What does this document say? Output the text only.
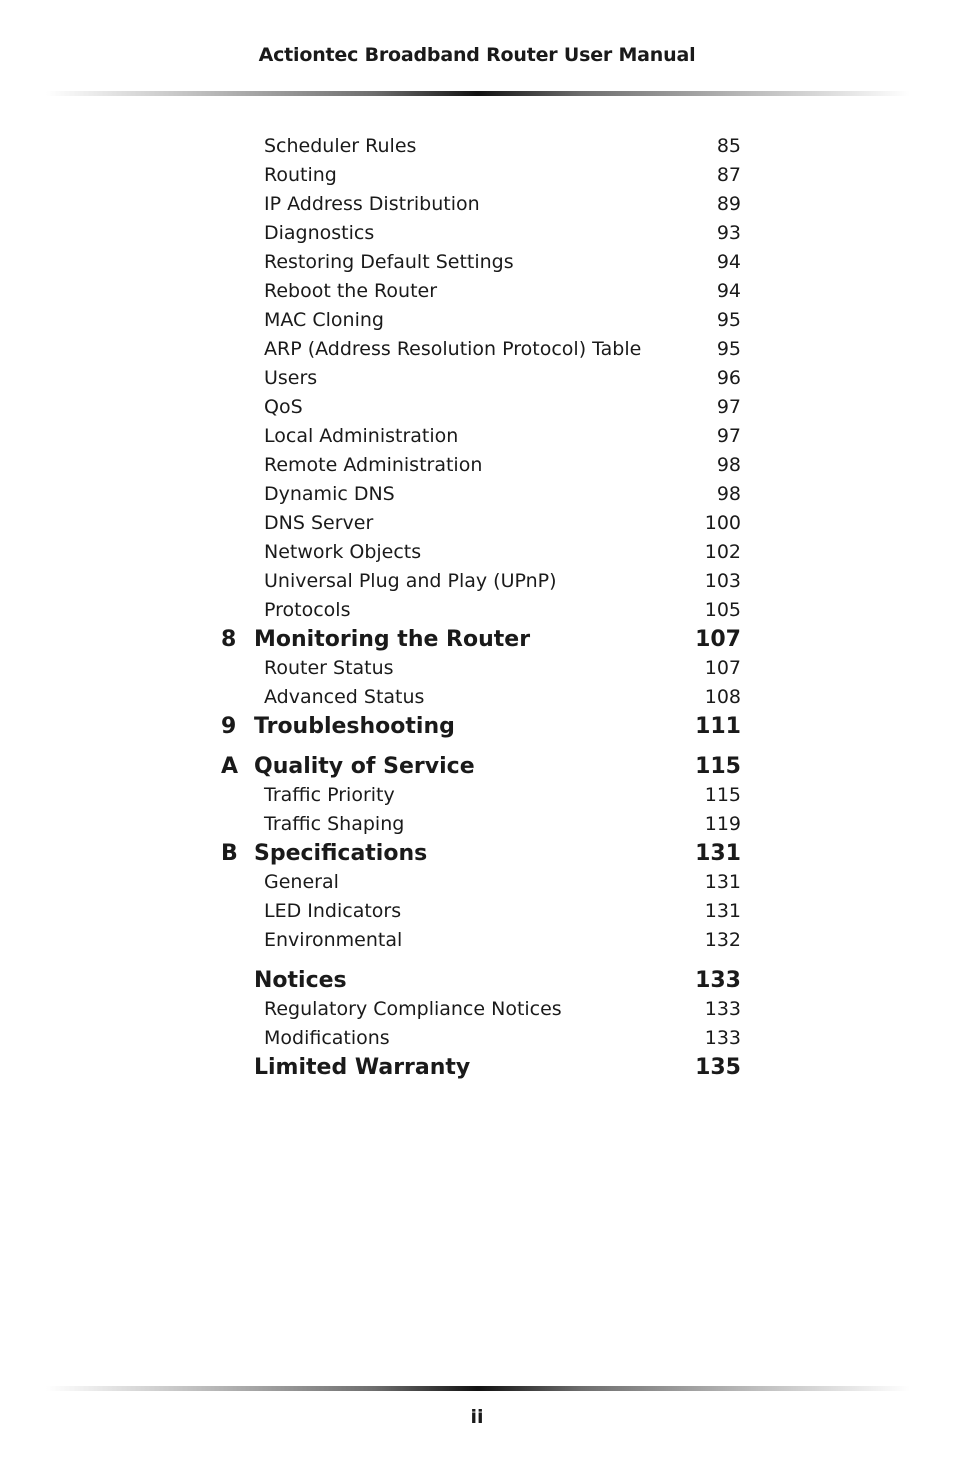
Actiontec Broadband Router User Manual
Scheduler Rules	85
Routing	87
IP Address Distribution	89
Diagnostics	93
Restoring Default Settings	94
Reboot the Router	94
MAC Cloning	95
ARP (Address Resolution Protocol) Table	95
Users	96
QoS	97
Local Administration	97
Remote Administration	98
Dynamic DNS	98
DNS Server	100
Network Objects	102
Universal Plug and Play (UPnP)	103
Protocols	105
8 Monitoring the Router	107
Router Status	107
Advanced Status	108
9 Troubleshooting	111
A Quality of Service	115
Traffic Priority	115
Traffic Shaping	119
B Specifications	131
General	131
LED Indicators	131
Environmental	132
Notices	133
Regulatory Compliance Notices	133
Modifications	133
Limited Warranty	135
ii
